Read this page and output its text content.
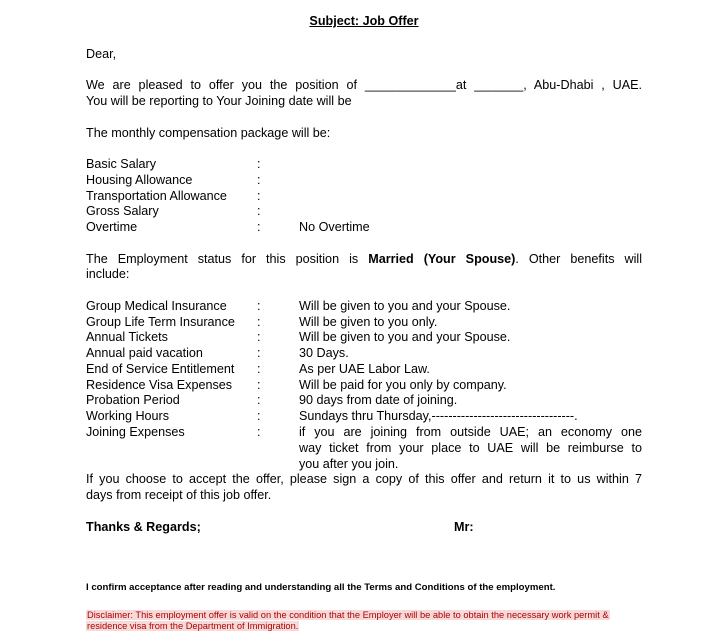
Subject: Job Offer
Dear,
We are pleased to offer you the position of _____________at _______, Abu-Dhabi , UAE.
You will be reporting to Your Joining date will be
The monthly compensation package will be:
Basic Salary	:
Housing Allowance	:
Transportation Allowance :
Gross Salary	:
Overtime	:	No Overtime
The Employment status for this position is Married (Your Spouse). Other benefits will
include:
Group Medical Insurance :	Will be given to you and your Spouse.
Group Life Term Insurance :	Will be given to you only.
Annual Tickets	:	Will be given to you and your Spouse.
Annual paid vacation	:	30 Days.
End of Service Entitlement :	As per UAE Labor Law.
Residence Visa Expenses :	Will be paid for you only by company.
Probation Period	:	90 days from date of joining.
Working Hours	:	Sundays thru Thursday,----------------------------------.
Joining Expenses	:	if you are joining from outside UAE; an economy one
way ticket from your place to UAE will be reimburse to
you after you join.
If you choose to accept the offer, please sign a copy of this offer and return it to us within 7
days from receipt of this job offer.
Thanks & Regards;	Mr:
I confirm acceptance after reading and understanding all the Terms and Conditions of the employment.
Disclaimer: This employment offer is valid on the condition that the Employer will be able to obtain the necessary work permit &
residence visa from the Department of Immigration.
